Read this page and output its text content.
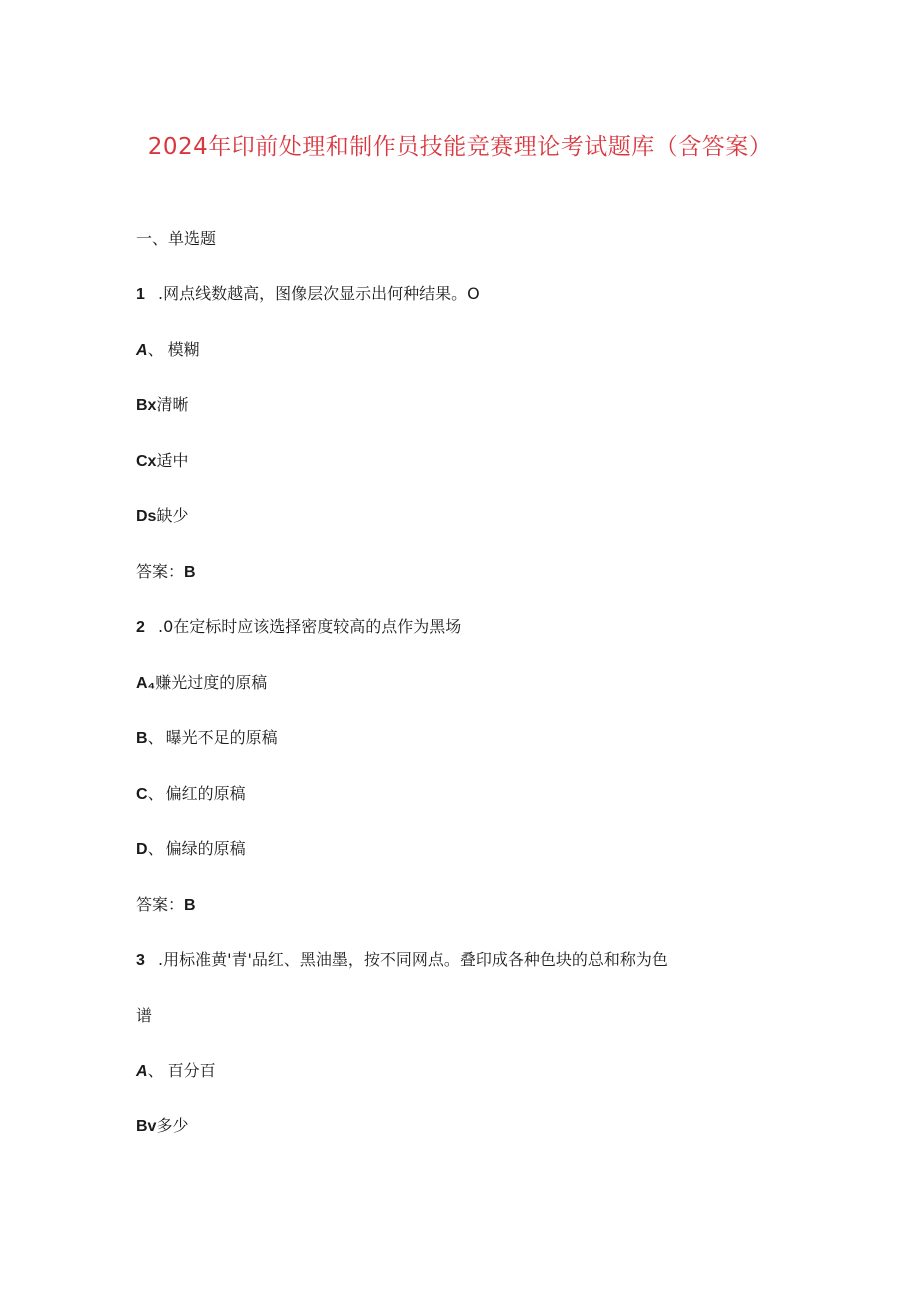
2024年印前处理和制作员技能竞赛理论考试题库（含答案）
一、单选题
1 .网点线数越高，图像层次显示出何种结果。O
A、 模糊
Bx清晰
Cx适中
Ds缺少
答案：B
2 .0在定标时应该选择密度较高的点作为黑场
A₄赚光过度的原稿
B、 曝光不足的原稿
C、 偏红的原稿
D、 偏绿的原稿
答案：B
3 .用标准黄'青'品红、黑油墨，按不同网点。叠印成各种色块的总和称为色
谱
A、 百分百
Bv多少
